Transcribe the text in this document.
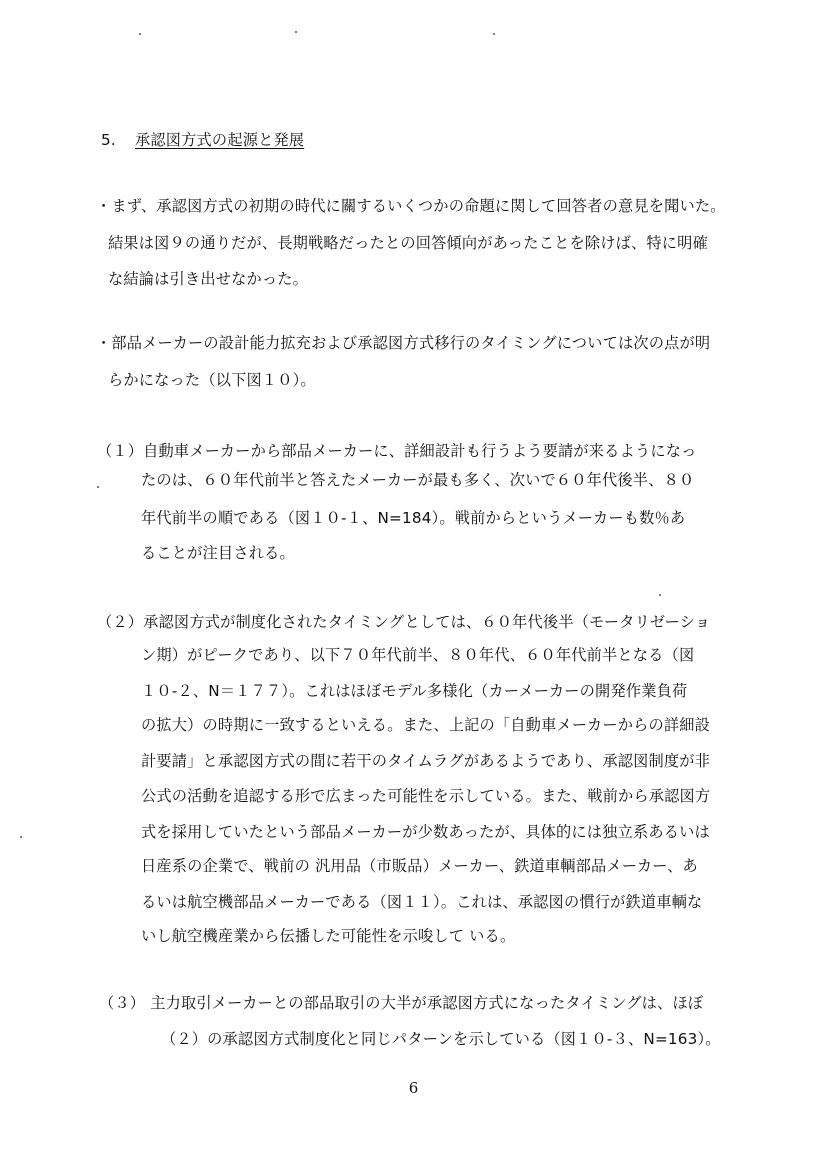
5. 承認図方式の起源と発展
・まず、承認図方式の初期の時代に關するいくつかの命題に関して回答者の意見を聞いた。
結果は図９の通りだが、長期戦略だったとの回答傾向があったことを除けば、特に明確
な結論は引き出せなかった。
・部品メーカーの設計能力拡充および承認図方式移行のタイミングについては次の点が明
らかになった（以下図１０）。
（１）自動車メーカーから部品メーカーに、詳細設計も行うよう要請が来るようになっ
たのは、６０年代前半と答えたメーカーが最も多く、次いで６０年代後半、８０
年代前半の順である（図１０-１、N=184）。戦前からというメーカーも数％あ
ることが注目される。
（２）承認図方式が制度化されたタイミングとしては、６０年代後半（モータリゼーショ
ン期）がピークであり、以下７０年代前半、８０年代、６０年代前半となる（図
１０-２、N＝１７７）。これはほぼモデル多様化（カーメーカーの開発作業負荷
の拡大）の時期に一致するといえる。また、上記の「自動車メーカーからの詳細設
計要請」と承認図方式の間に若干のタイムラグがあるようであり、承認図制度が非
公式の活動を追認する形で広まった可能性を示している。また、戦前から承認図方
式を採用していたという部品メーカーが少数あったが、具体的には独立系あるいは
日産系の企業で、戦前の 汎用品（市販品）メーカー、鉄道車輌部品メーカー、あ
るいは航空機部品メーカーである（図１１）。これは、承認図の慣行が鉄道車輌な
いし航空機産業から伝播した可能性を示唆して いる。
（３） 主力取引メーカーとの部品取引の大半が承認図方式になったタイミングは、ほぼ
（２）の承認図方式制度化と同じパターンを示している（図１０-３、N=163）。
6
